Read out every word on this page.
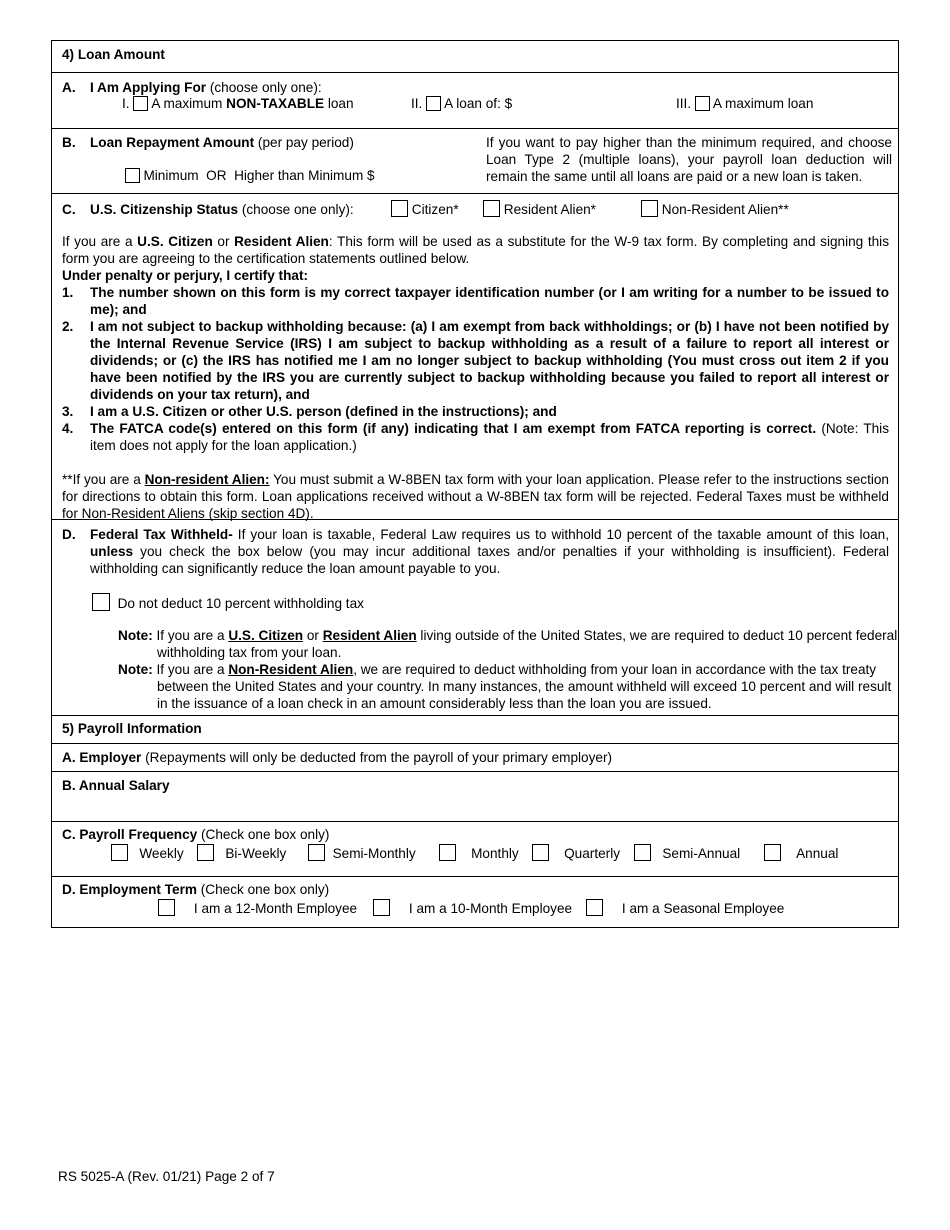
4) Loan Amount
A. I Am Applying For (choose only one):
I. A maximum NON-TAXABLE loan	II. A loan of: $	III. A maximum loan
B. Loan Repayment Amount (per pay period)

Minimum  OR  Higher than Minimum $

If you want to pay higher than the minimum required, and choose Loan Type 2 (multiple loans), your payroll loan deduction will remain the same until all loans are paid or a new loan is taken.
C. U.S. Citizenship Status (choose one only):	Citizen*	Resident Alien*	Non-Resident Alien**
If you are a U.S. Citizen or Resident Alien: This form will be used as a substitute for the W-9 tax form. By completing and signing this form you are agreeing to the certification statements outlined below.
Under penalty or perjury, I certify that:
1.	The number shown on this form is my correct taxpayer identification number (or I am writing for a number to be issued to me); and
2.	I am not subject to backup withholding because: (a) I am exempt from back withholdings; or (b) I have not been notified by the Internal Revenue Service (IRS) I am subject to backup withholding as a result of a failure to report all interest or dividends; or (c) the IRS has notified me I am no longer subject to backup withholding (You must cross out item 2 if you have been notified by the IRS you are currently subject to backup withholding because you failed to report all interest or dividends on your tax return), and
3.	I am a U.S. Citizen or other U.S. person (defined in the instructions); and
4.	The FATCA code(s) entered on this form (if any) indicating that I am exempt from FATCA reporting is correct. (Note: This item does not apply for the loan application.)
**If you are a Non-resident Alien: You must submit a W-8BEN tax form with your loan application. Please refer to the instructions section for directions to obtain this form. Loan applications received without a W-8BEN tax form will be rejected. Federal Taxes must be withheld for Non-Resident Aliens (skip section 4D).
D.	Federal Tax Withheld- If your loan is taxable, Federal Law requires us to withhold 10 percent of the taxable amount of this loan, unless you check the box below (you may incur additional taxes and/or penalties if your withholding is insufficient). Federal withholding can significantly reduce the loan amount payable to you.
Do not deduct 10 percent withholding tax
Note: If you are a U.S. Citizen or Resident Alien living outside of the United States, we are required to deduct 10 percent federal withholding tax from your loan.
Note: If you are a Non-Resident Alien, we are required to deduct withholding from your loan in accordance with the tax treaty between the United States and your country. In many instances, the amount withheld will exceed 10 percent and will result in the issuance of a loan check in an amount considerably less than the loan you are issued.
5) Payroll Information
A. Employer (Repayments will only be deducted from the payroll of your primary employer)
B. Annual Salary
C. Payroll Frequency (Check one box only)
Weekly	Bi-Weekly	Semi-Monthly	Monthly	Quarterly	Semi-Annual	Annual
D. Employment Term (Check one box only)
I am a 12-Month Employee	I am a 10-Month Employee	I am a Seasonal Employee
RS 5025-A (Rev. 01/21) Page 2 of 7
